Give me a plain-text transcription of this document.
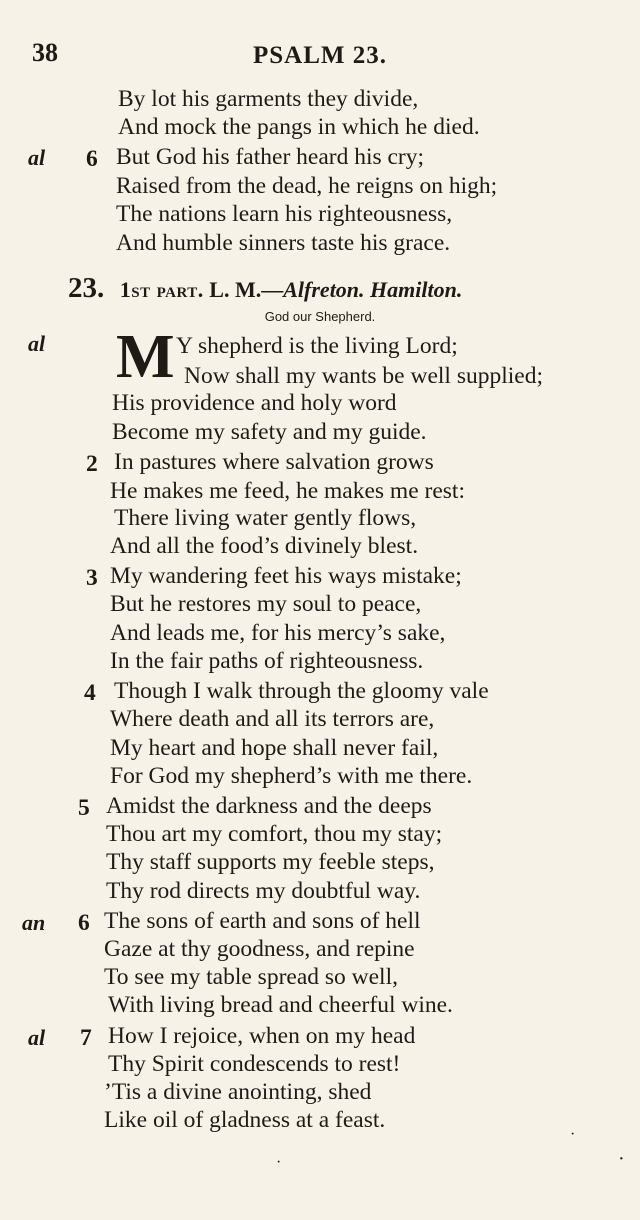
38	PSALM 23.
By lot his garments they divide,
And mock the pangs in which he died.
al 6 But God his father heard his cry;
Raised from the dead, he reigns on high;
The nations learn his righteousness,
And humble sinners taste his grace.
23. 1st part. L. M.—Alfreton. Hamilton.
God our Shepherd.
al M Y shepherd is the living Lord;
Now shall my wants be well supplied;
His providence and holy word
Become my safety and my guide.
2 In pastures where salvation grows
He makes me feed, he makes me rest:
There living water gently flows,
And all the food’s divinely blest.
3 My wandering feet his ways mistake;
But he restores my soul to peace,
And leads me, for his mercy’s sake,
In the fair paths of righteousness.
4 Though I walk through the gloomy vale
Where death and all its terrors are,
My heart and hope shall never fail,
For God my shepherd’s with me there.
5 Amidst the darkness and the deeps
Thou art my comfort, thou my stay;
Thy staff supports my feeble steps,
Thy rod directs my doubtful way.
an 6 The sons of earth and sons of hell
Gaze at thy goodness, and repine
To see my table spread so well,
With living bread and cheerful wine.
al 7 How I rejoice, when on my head
Thy Spirit condescends to rest!
’Tis a divine anointing, shed
Like oil of gladness at a feast.
·
·
·
